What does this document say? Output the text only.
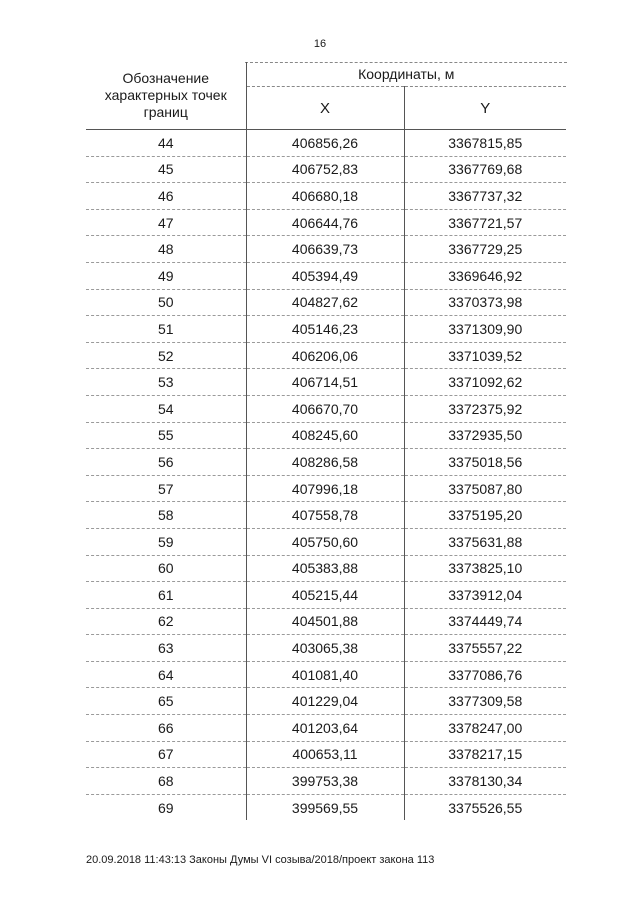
16
Обозначение характерных точек границ	Координаты, м	
	X	Y
44	406856,26	3367815,85
45	406752,83	3367769,68
46	406680,18	3367737,32
47	406644,76	3367721,57
48	406639,73	3367729,25
49	405394,49	3369646,92
50	404827,62	3370373,98
51	405146,23	3371309,90
52	406206,06	3371039,52
53	406714,51	3371092,62
54	406670,70	3372375,92
55	408245,60	3372935,50
56	408286,58	3375018,56
57	407996,18	3375087,80
58	407558,78	3375195,20
59	405750,60	3375631,88
60	405383,88	3373825,10
61	405215,44	3373912,04
62	404501,88	3374449,74
63	403065,38	3375557,22
64	401081,40	3377086,76
65	401229,04	3377309,58
66	401203,64	3378247,00
67	400653,11	3378217,15
68	399753,38	3378130,34
69	399569,55	3375526,55
20.09.2018 11:43:13 Законы Думы VI созыва/2018/проект закона 113
